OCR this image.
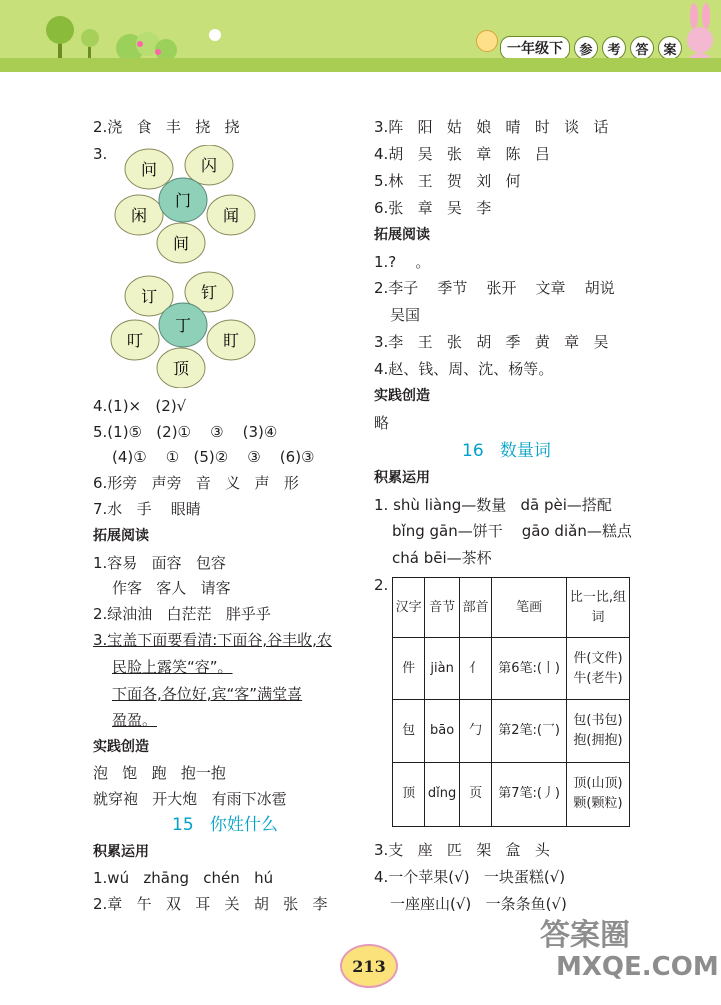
一年级下	参	考	答	案
2.浇   食   丰   挠   挠
3.
问	闪
闲	闻
间
门
订	钉
叮	盯
顶
丁
4.(1)×   (2)√
5.(1)⑤   (2)①    ③    (3)④
(4)①    ①   (5)②    ③    (6)③
6.形旁   声旁   音   义   声   形
7.水   手    眼睛
拓展阅读
1.容易   面容   包容
作客   客人   请客
2.绿油油   白茫茫   胖乎乎
3.宝盖下面要看清:下面谷,谷丰收,农
民脸上露笑“容”。
下面各,各位好,宾“客”满堂喜
盈盈。
实践创造
泡   饱   跑   抱一抱
就穿袍   开大炮   有雨下冰雹
15   你姓什么
积累运用
1.wú   zhāng   chén   hú
2.章   午   双   耳   关   胡   张   李
3.阵   阳   姑   娘   晴   时   谈   话
4.胡   吴   张   章   陈   吕
5.林   王   贺   刘   何
6.张   章   吴   李
拓展阅读
1.?    。
2.李子    季节    张开    文章    胡说
吴国
3.李   王   张   胡   季   黄   章   吴
4.赵、钱、周、沈、杨等。
实践创造
略
16   数量词
积累运用
1. shù liàng—数量   dā pèi—搭配
bǐng gān—饼干    gāo diǎn—糕点
chá bēi—茶杯
2.
汉字	音节	部首	笔画	比一比,组词
件	jiàn	亻	第6笔:(丨)	件(文件)牛(老牛)
包	bāo	勹	第2笔:(乛)	包(书包)抱(拥抱)
顶	dǐng	页	第7笔:(丿)	顶(山顶)颗(颗粒)
3.支   座   匹   架   盒   头
4.一个苹果(√)   一块蛋糕(√)
一座座山(√)   一条条鱼(√)
213
答案圈
MXQE.COM
